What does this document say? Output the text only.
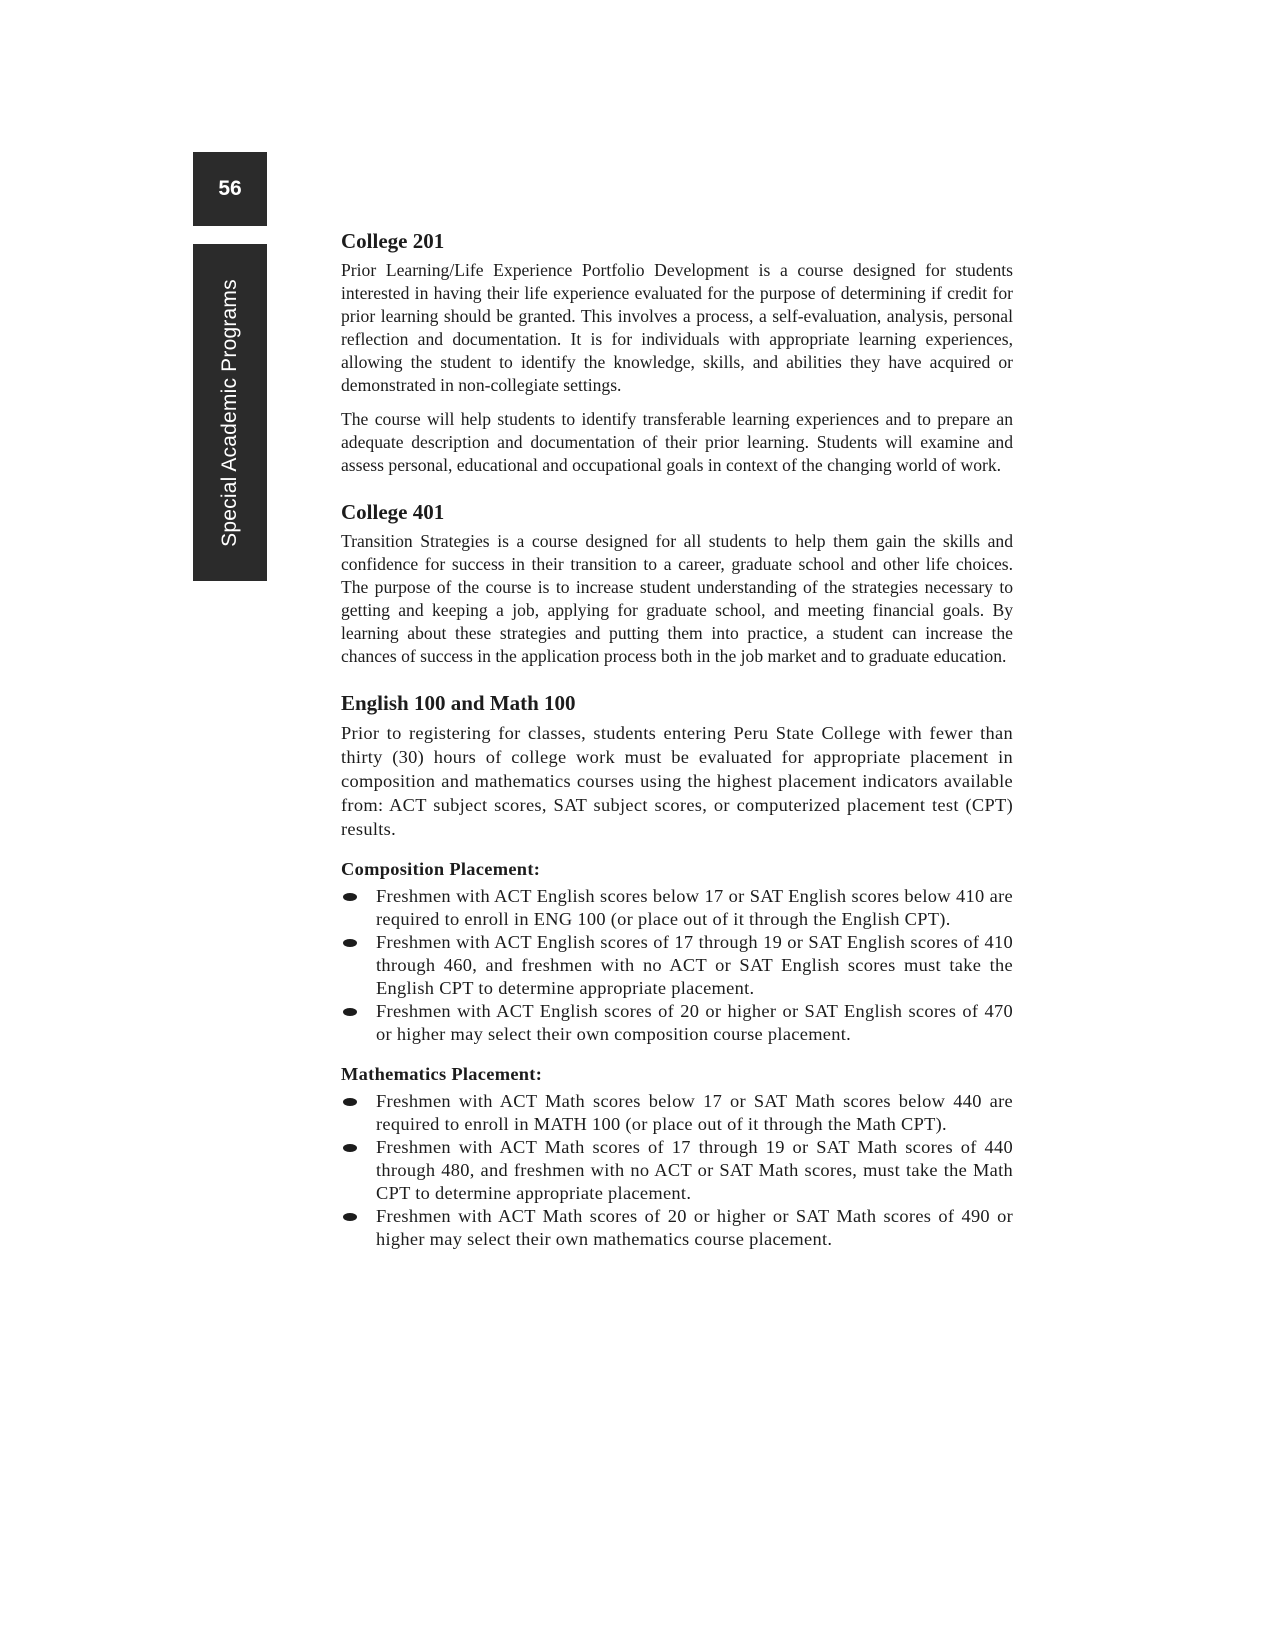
56
Special Academic Programs
College 201

Prior Learning/Life Experience Portfolio Development is a course designed for students interested in having their life experience evaluated for the purpose of determining if credit for prior learning should be granted. This involves a process, a self-evaluation, analysis, personal reflection and documentation. It is for individuals with appropriate learning experiences, allowing the student to identify the knowledge, skills, and abilities they have acquired or demonstrated in non-collegiate settings.

The course will help students to identify transferable learning experiences and to prepare an adequate description and documentation of their prior learning. Students will examine and assess personal, educational and occupational goals in context of the changing world of work.

College 401

Transition Strategies is a course designed for all students to help them gain the skills and confidence for success in their transition to a career, graduate school and other life choices. The purpose of the course is to increase student understanding of the strategies necessary to getting and keeping a job, applying for graduate school, and meeting financial goals. By learning about these strategies and putting them into practice, a student can increase the chances of success in the application process both in the job market and to graduate education.

English 100 and Math 100

Prior to registering for classes, students entering Peru State College with fewer than thirty (30) hours of college work must be evaluated for appropriate placement in composition and mathematics courses using the highest placement indicators available from: ACT subject scores, SAT subject scores, or computerized placement test (CPT) results.

Composition Placement:
Freshmen with ACT English scores below 17 or SAT English scores below 410 are required to enroll in ENG 100 (or place out of it through the English CPT).
Freshmen with ACT English scores of 17 through 19 or SAT English scores of 410 through 460, and freshmen with no ACT or SAT English scores must take the English CPT to determine appropriate placement.
Freshmen with ACT English scores of 20 or higher or SAT English scores of 470 or higher may select their own composition course placement.
Mathematics Placement:
Freshmen with ACT Math scores below 17 or SAT Math scores below 440 are required to enroll in MATH 100 (or place out of it through the Math CPT).
Freshmen with ACT Math scores of 17 through 19 or SAT Math scores of 440 through 480, and freshmen with no ACT or SAT Math scores, must take the Math CPT to determine appropriate placement.
Freshmen with ACT Math scores of 20 or higher or SAT Math scores of 490 or higher may select their own mathematics course placement.
